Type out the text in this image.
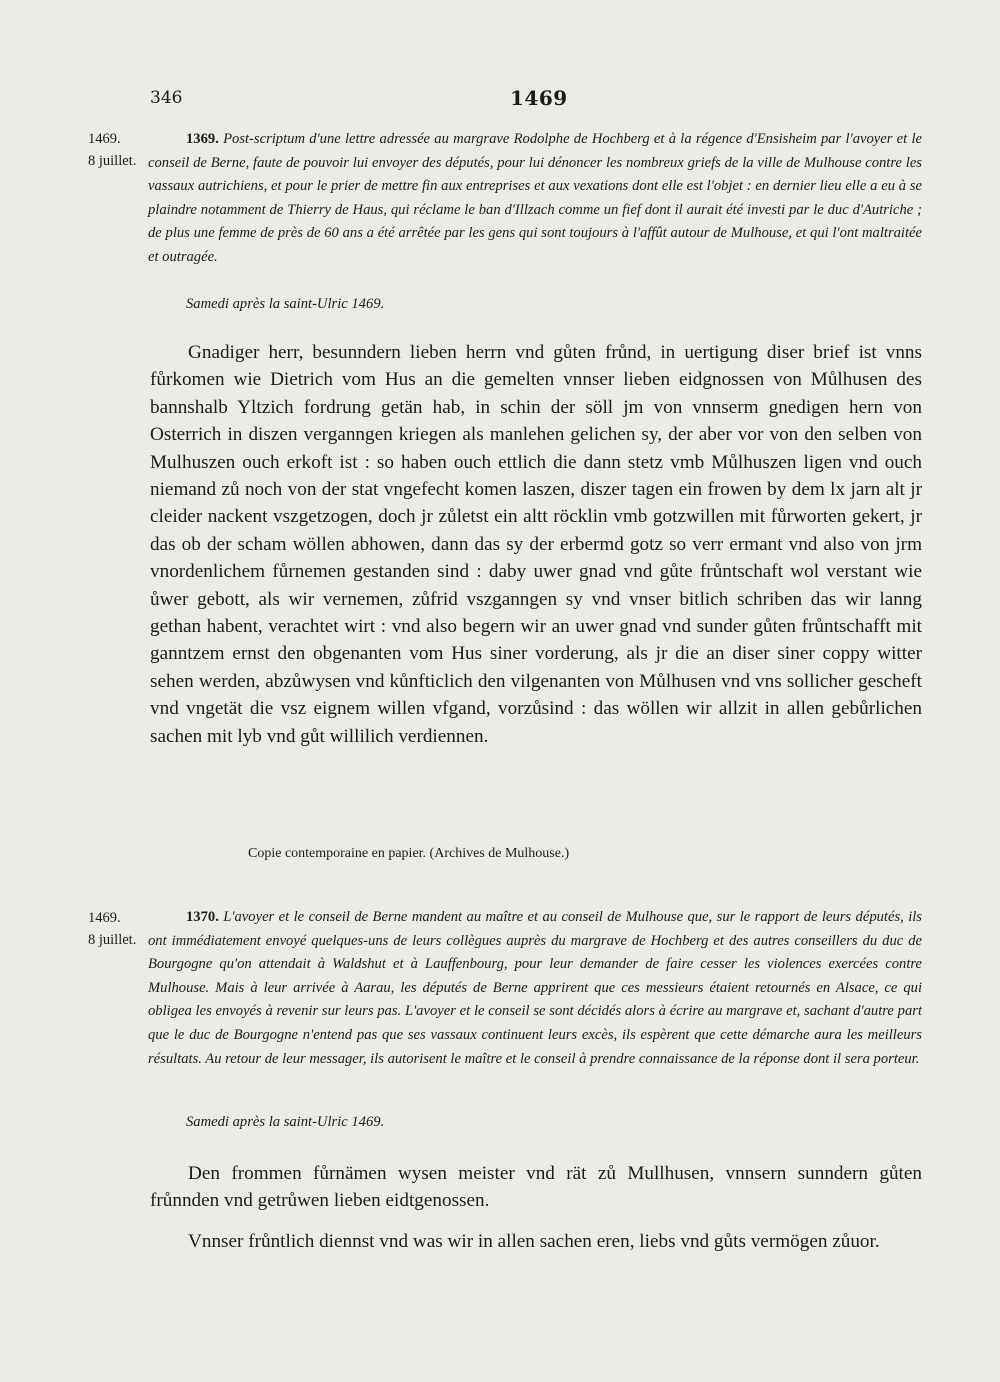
346	1469
1469.
8 juillet.

1369. Post-scriptum d'une lettre adressée au margrave Rodolphe de Hochberg et à la régence d'Ensisheim par l'avoyer et le conseil de Berne, faute de pouvoir lui envoyer des députés, pour lui dénoncer les nombreux griefs de la ville de Mulhouse contre les vassaux autrichiens, et pour le prier de mettre fin aux entreprises et aux vexations dont elle est l'objet : en dernier lieu elle a eu à se plaindre notamment de Thierry de Haus, qui réclame le ban d'Illzach comme un fief dont il aurait été investi par le duc d'Autriche ; de plus une femme de près de 60 ans a été arrêtée par les gens qui sont toujours à l'affût autour de Mulhouse, et qui l'ont maltraitée et outragée.

Samedi après la saint-Ulric 1469.

Gnadiger herr, besunndern lieben herrn vnd gůten frůnd, in uertigung diser brief ist vnns fůrkomen wie Dietrich vom Hus an die gemelten vnnser lieben eidgnossen von Můlhusen des bannshalb Yltzich fordrung getän hab, in schin der söll jm von vnnserm gnedigen hern von Osterrich in diszen verganngen kriegen als manlehen gelichen sy, der aber vor von den selben von Mulhuszen ouch erkoft ist : so haben ouch ettlich die dann stetz vmb Můlhuszen ligen vnd ouch niemand zů noch von der stat vngefecht komen laszen, diszer tagen ein frowen by dem lx jarn alt jr cleider nackent vszgetzogen, doch jr zůletst ein altt röcklin vmb gotzwillen mit fůrworten gekert, jr das ob der scham wöllen abhowen, dann das sy der erbermd gotz so verr ermant vnd also von jrm vnordenlichem fůrnemen gestanden sind : daby uwer gnad vnd gůte frůntschaft wol verstant wie ůwer gebott, als wir vernemen, zůfrid vszganngen sy vnd vnser bitlich schriben das wir lanng gethan habent, verachtet wirt : vnd also begern wir an uwer gnad vnd sunder gůten frůntschafft mit ganntzem ernst den obgenanten vom Hus siner vorderung, als jr die an diser siner coppy witter sehen werden, abzůwysen vnd kůnfticlich den vilgenanten von Můlhusen vnd vns sollicher gescheft vnd vngetät die vsz eignem willen vfgand, vorzůsind : das wöllen wir allzit in allen gebůrlichen sachen mit lyb vnd gůt willilich verdiennen.

Copie contemporaine en papier. (Archives de Mulhouse.)
1469.
8 juillet.

1370. L'avoyer et le conseil de Berne mandent au maître et au conseil de Mulhouse que, sur le rapport de leurs députés, ils ont immédiatement envoyé quelques-uns de leurs collègues auprès du margrave de Hochberg et des autres conseillers du duc de Bourgogne qu'on attendait à Waldshut et à Lauffenbourg, pour leur demander de faire cesser les violences exercées contre Mulhouse. Mais à leur arrivée à Aarau, les députés de Berne apprirent que ces messieurs étaient retournés en Alsace, ce qui obligea les envoyés à revenir sur leurs pas. L'avoyer et le conseil se sont décidés alors à écrire au margrave et, sachant d'autre part que le duc de Bourgogne n'entend pas que ses vassaux continuent leurs excès, ils espèrent que cette démarche aura les meilleurs résultats. Au retour de leur messager, ils autorisent le maître et le conseil à prendre connaissance de la réponse dont il sera porteur.

Samedi après la saint-Ulric 1469.

Den frommen fůrnämen wysen meister vnd rät zů Mullhusen, vnnsern sunndern gůten frůnnden vnd getrůwen lieben eidtgenossen.

Vnnser frůntlich diennst vnd was wir in allen sachen eren, liebs vnd gůts vermögen zůuor.
